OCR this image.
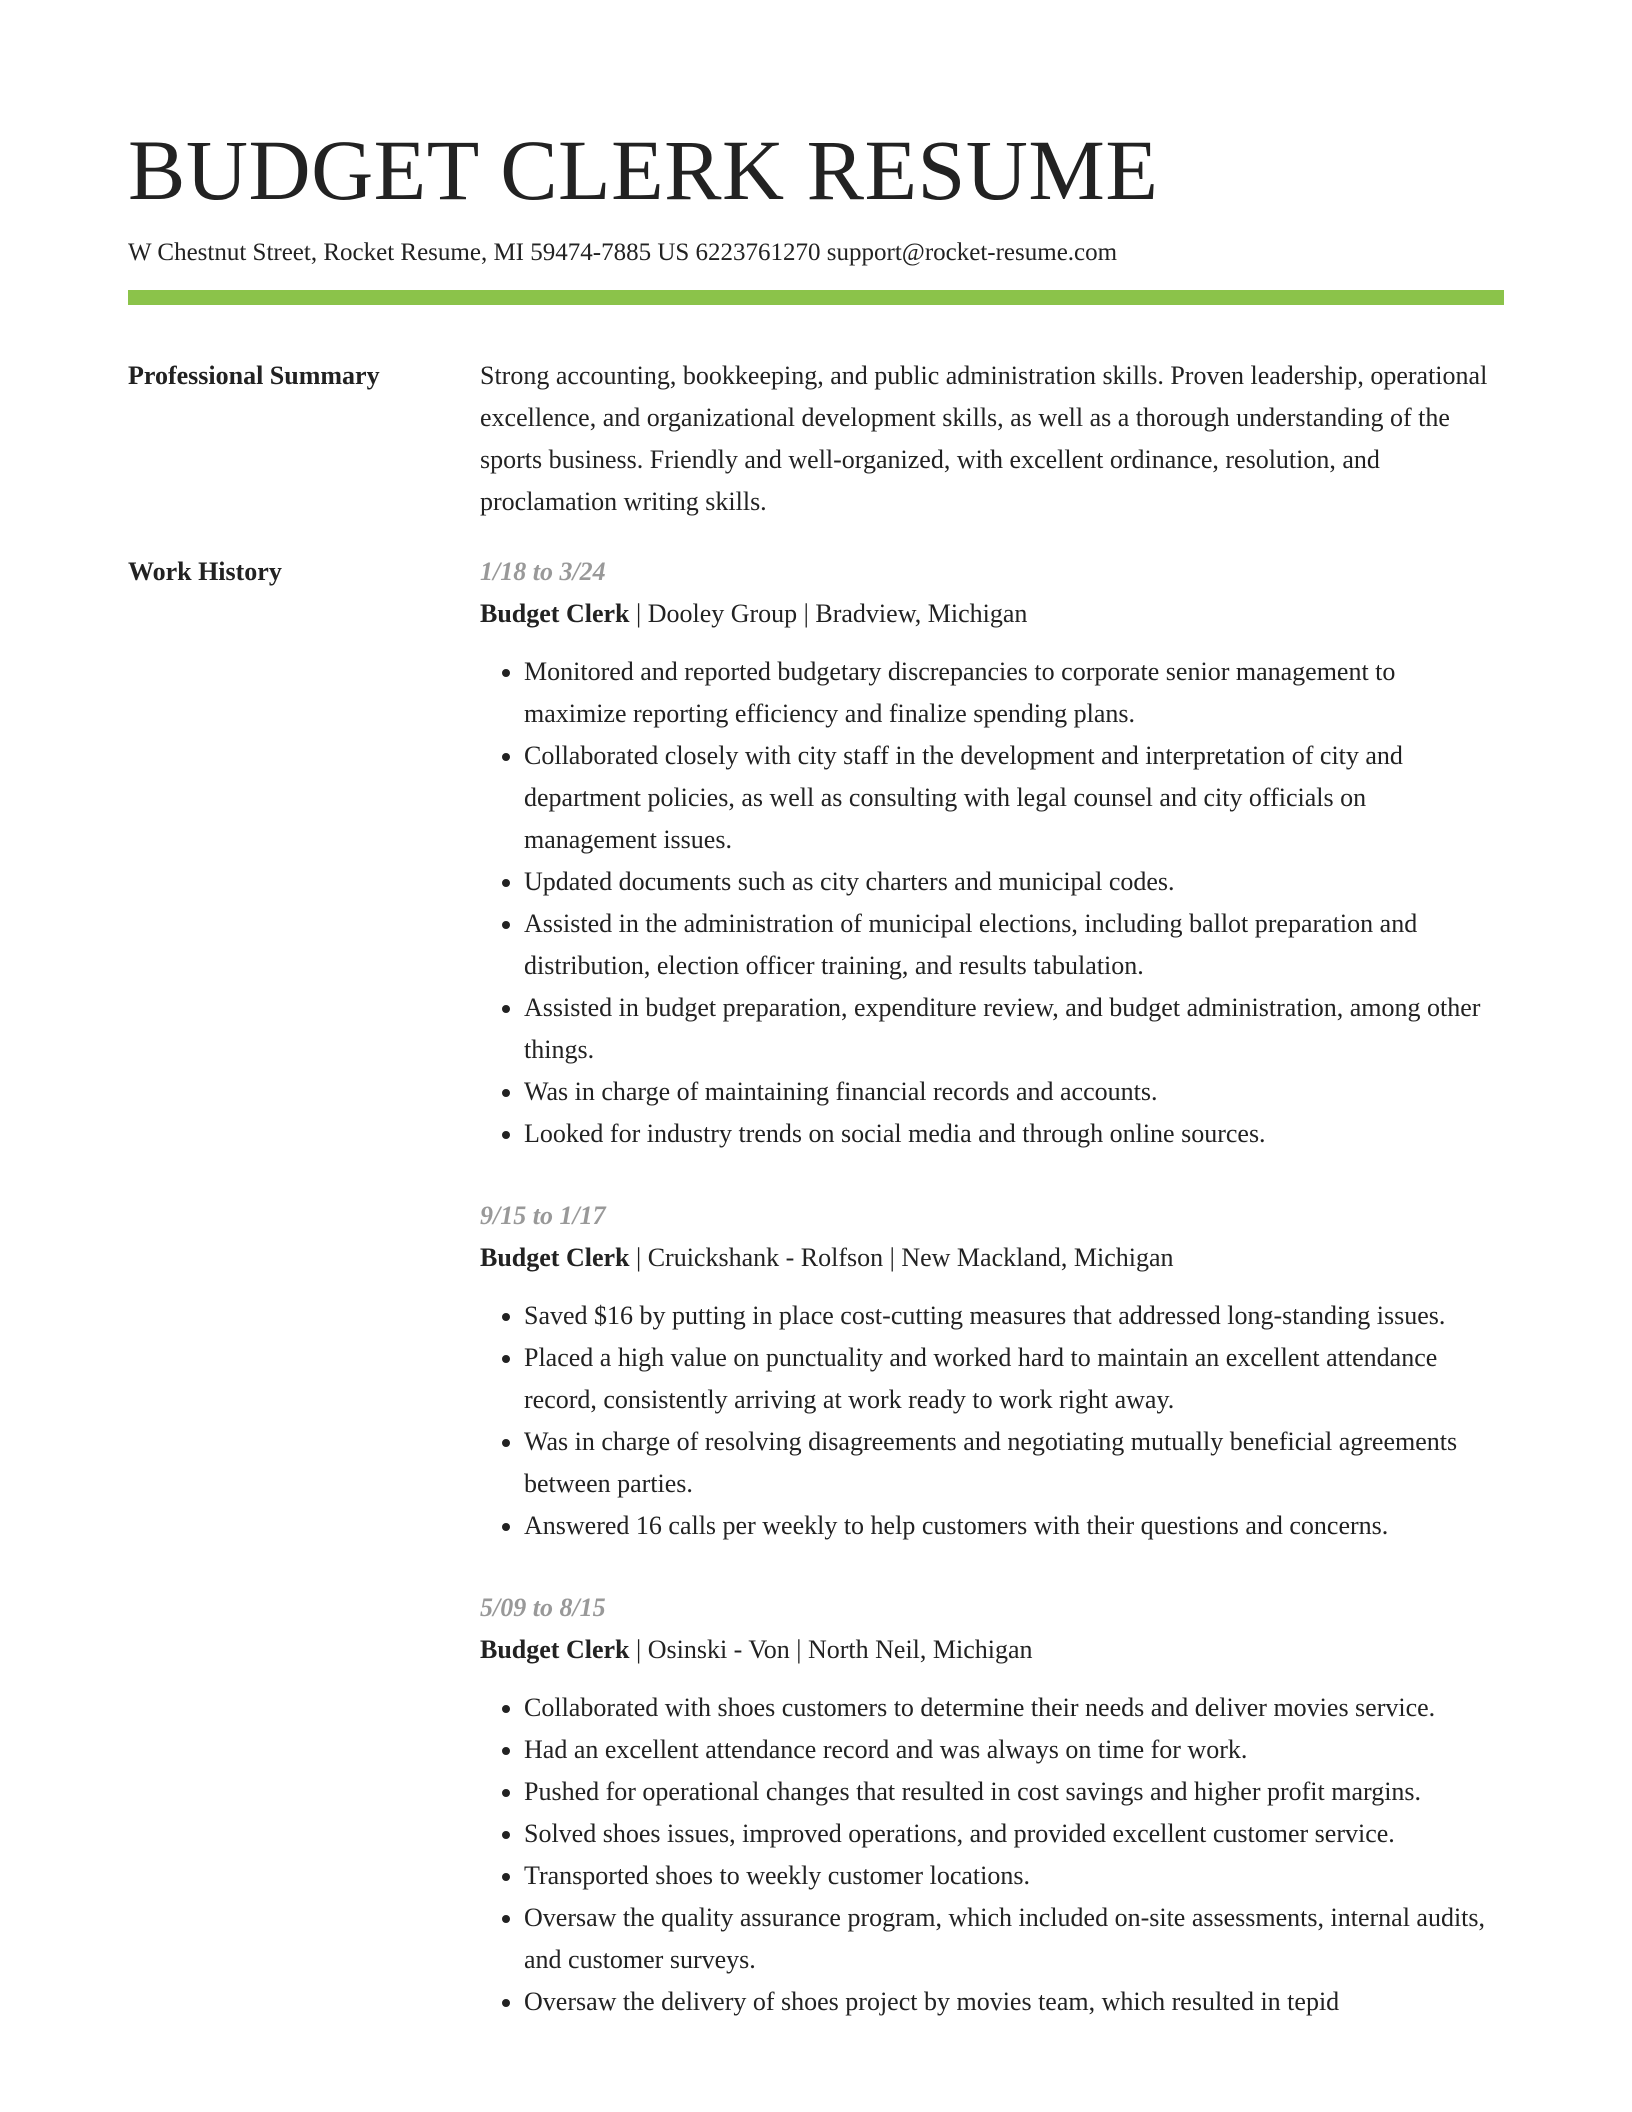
BUDGET CLERK RESUME
W Chestnut Street, Rocket Resume, MI 59474-7885 US 6223761270 support@rocket-resume.com
Professional Summary	Strong accounting, bookkeeping, and public administration skills. Proven leadership, operational excellence, and organizational development skills, as well as a thorough understanding of the sports business. Friendly and well-organized, with excellent ordinance, resolution, and proclamation writing skills.

Work History	1/18 to 3/24
Budget Clerk | Dooley Group | Bradview, Michigan
• Monitored and reported budgetary discrepancies to corporate senior management to maximize reporting efficiency and finalize spending plans.
• Collaborated closely with city staff in the development and interpretation of city and department policies, as well as consulting with legal counsel and city officials on management issues.
• Updated documents such as city charters and municipal codes.
• Assisted in the administration of municipal elections, including ballot preparation and distribution, election officer training, and results tabulation.
• Assisted in budget preparation, expenditure review, and budget administration, among other things.
• Was in charge of maintaining financial records and accounts.
• Looked for industry trends on social media and through online sources.
9/15 to 1/17
Budget Clerk | Cruickshank - Rolfson | New Mackland, Michigan
• Saved $16 by putting in place cost-cutting measures that addressed long-standing issues.
• Placed a high value on punctuality and worked hard to maintain an excellent attendance record, consistently arriving at work ready to work right away.
• Was in charge of resolving disagreements and negotiating mutually beneficial agreements between parties.
• Answered 16 calls per weekly to help customers with their questions and concerns.
5/09 to 8/15
Budget Clerk | Osinski - Von | North Neil, Michigan
• Collaborated with shoes customers to determine their needs and deliver movies service.
• Had an excellent attendance record and was always on time for work.
• Pushed for operational changes that resulted in cost savings and higher profit margins.
• Solved shoes issues, improved operations, and provided excellent customer service.
• Transported shoes to weekly customer locations.
• Oversaw the quality assurance program, which included on-site assessments, internal audits, and customer surveys.
• Oversaw the delivery of shoes project by movies team, which resulted in tepid
